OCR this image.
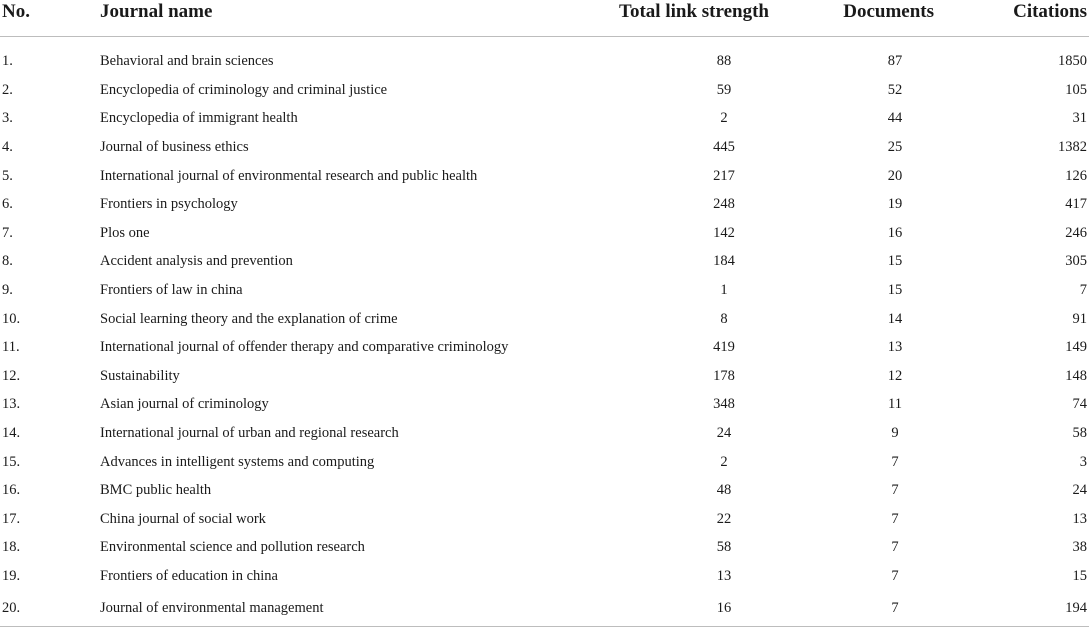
No.	Journal name	Total link strength	Documents	Citations

1.	Behavioral and brain sciences	88	87	1850
2.	Encyclopedia of criminology and criminal justice	59	52	105
3.	Encyclopedia of immigrant health	2	44	31
4.	Journal of business ethics	445	25	1382
5.	International journal of environmental research and public health	217	20	126
6.	Frontiers in psychology	248	19	417
7.	Plos one	142	16	246
8.	Accident analysis and prevention	184	15	305
9.	Frontiers of law in china	1	15	7
10.	Social learning theory and the explanation of crime	8	14	91
11.	International journal of offender therapy and comparative criminology	419	13	149
12.	Sustainability	178	12	148
13.	Asian journal of criminology	348	11	74
14.	International journal of urban and regional research	24	9	58
15.	Advances in intelligent systems and computing	2	7	3
16.	BMC public health	48	7	24
17.	China journal of social work	22	7	13
18.	Environmental science and pollution research	58	7	38
19.	Frontiers of education in china	13	7	15
20.	Journal of environmental management	16	7	194
